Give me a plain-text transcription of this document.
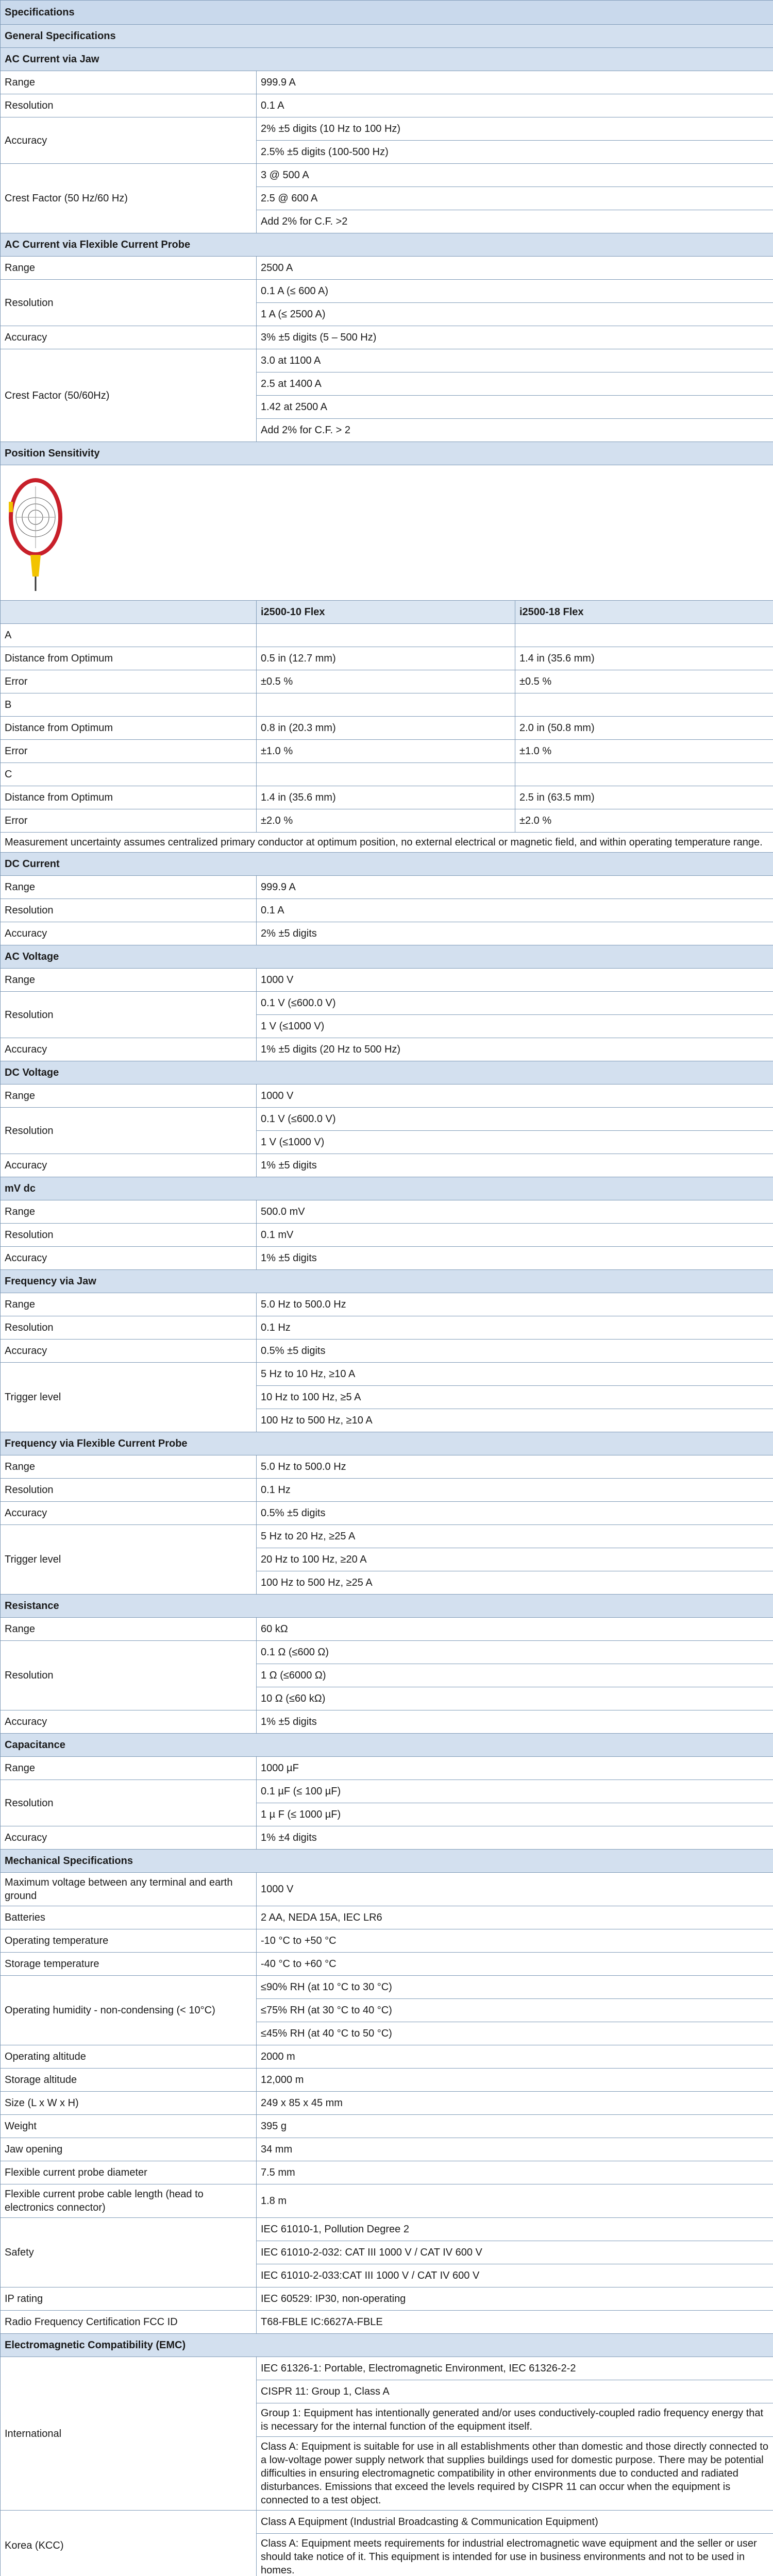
Specifications		
General Specifications		
AC Current via Jaw		
Range	999.9 A	
Resolution	0.1 A	
Accuracy	2% ±5 digits (10 Hz to 100 Hz)	
	2.5% ±5 digits (100-500 Hz)	
Crest Factor (50 Hz/60 Hz)	3 @ 500 A	
	2.5 @ 600 A	
	Add 2% for C.F. >2	
AC Current via Flexible Current Probe		
Range	2500 A	
Resolution	0.1 A (≤ 600 A)	
	1 A (≤ 2500 A)	
Accuracy	3% ±5 digits (5 – 500 Hz)	
Crest Factor (50/60Hz)	3.0 at 1100 A	
	2.5 at 1400 A	
	1.42 at 2500 A	
	Add 2% for C.F. > 2	
Position Sensitivity		

	i2500-10 Flex	i2500-18 Flex
A		
Distance from Optimum	0.5 in (12.7 mm)	1.4 in (35.6 mm)
Error	±0.5 %	±0.5 %
B		
Distance from Optimum	0.8 in (20.3 mm)	2.0 in (50.8 mm)
Error	±1.0 %	±1.0 %
C		
Distance from Optimum	1.4 in (35.6 mm)	2.5 in (63.5 mm)
Error	±2.0 %	±2.0 %
Measurement uncertainty assumes centralized primary conductor at optimum position, no external electrical or magnetic field, and within operating temperature range.		
DC Current		
Range	999.9 A	
Resolution	0.1 A	
Accuracy	2% ±5 digits	
AC Voltage		
Range	1000 V	
Resolution	0.1 V (≤600.0 V)	
	1 V (≤1000 V)	
Accuracy	1% ±5 digits (20 Hz to 500 Hz)	
DC Voltage		
Range	1000 V	
Resolution	0.1 V (≤600.0 V)	
	1 V (≤1000 V)	
Accuracy	1% ±5 digits	
mV dc		
Range	500.0 mV	
Resolution	0.1 mV	
Accuracy	1% ±5 digits	
Frequency via Jaw		
Range	5.0 Hz to 500.0 Hz	
Resolution	0.1 Hz	
Accuracy	0.5% ±5 digits	
Trigger level	5 Hz to 10 Hz, ≥10 A	
	10 Hz to 100 Hz, ≥5 A	
	100 Hz to 500 Hz, ≥10 A	
Frequency via Flexible Current Probe		
Range	5.0 Hz to 500.0 Hz	
Resolution	0.1 Hz	
Accuracy	0.5% ±5 digits	
Trigger level	5 Hz to 20 Hz, ≥25 A	
	20 Hz to 100 Hz, ≥20 A	
	100 Hz to 500 Hz, ≥25 A	
Resistance		
Range	60 kΩ	
Resolution	0.1 Ω (≤600 Ω)	
	1 Ω (≤6000 Ω)	
	10 Ω (≤60 kΩ)	
Accuracy	1% ±5 digits	
Capacitance		
Range	1000 µF	
Resolution	0.1 µF (≤ 100 µF)	
	1 µ F (≤ 1000 µF)	
Accuracy	1% ±4 digits	
Mechanical Specifications		
Maximum voltage between any terminal and earth ground	1000 V	
Batteries	2 AA, NEDA 15A, IEC LR6	
Operating temperature	-10 °C to +50 °C	
Storage temperature	-40 °C to +60 °C	
Operating humidity - non-condensing (< 10°C)	≤90% RH (at 10 °C to 30 °C)	
	≤75% RH (at 30 °C to 40 °C)	
	≤45% RH (at 40 °C to 50 °C)	
Operating altitude	2000 m	
Storage altitude	12,000 m	
Size (L x W x H)	249 x 85 x 45 mm	
Weight	395 g	
Jaw opening	34 mm	
Flexible current probe diameter	7.5 mm	
Flexible current probe cable length (head to electronics connector)	1.8 m	
Safety	IEC 61010-1, Pollution Degree 2	
	IEC 61010-2-032: CAT III 1000 V / CAT IV 600 V	
	IEC 61010-2-033:CAT III 1000 V / CAT IV 600 V	
IP rating	IEC 60529: IP30, non-operating	
Radio Frequency Certification FCC ID	T68-FBLE IC:6627A-FBLE	
Electromagnetic Compatibility (EMC)		
International	IEC 61326-1: Portable, Electromagnetic Environment, IEC 61326-2-2	
	CISPR 11: Group 1, Class A	
	Group 1: Equipment has intentionally generated and/or uses conductively-coupled radio frequency energy that is necessary for the internal function of the equipment itself.	
	Class A: Equipment is suitable for use in all establishments other than domestic and those directly connected to a low-voltage power supply network that supplies buildings used for domestic purpose. There may be potential difficulties in ensuring electromagnetic compatibility in other environments due to conducted and radiated disturbances. Emissions that exceed the levels required by CISPR 11 can occur when the equipment is connected to a test object.	
Korea (KCC)	Class A Equipment (Industrial Broadcasting & Communication Equipment)	
	Class A: Equipment meets requirements for industrial electromagnetic wave equipment and the seller or user should take notice of it. This equipment is intended for use in business environments and not to be used in homes.	
